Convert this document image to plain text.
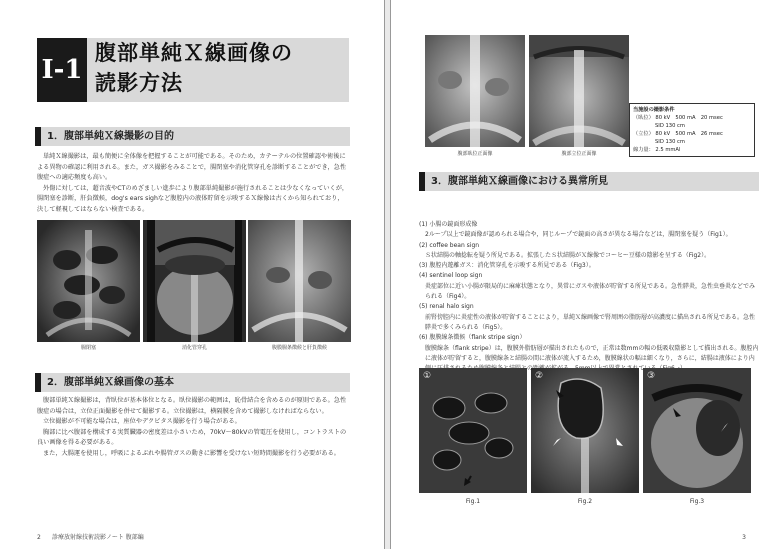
Ⅰ-1
腹部単純Ｘ線画像の
読影方法
1．腹部単純Ｘ線撮影の目的

単純Ｘ線撮影は，最も簡便に全体像を把握することが可能である。そのため，カテーテルの位置確認や術後による異物の確認に利用される。また，ガス撮影をみることで，腸閉塞や消化管穿孔を診断することができ，急性腹症への適応頻度も高い。

外傷に対しては，超音波やCTのめざましい進歩により腹部単純撮影が施行されることは少なくなっていくが，腸閉塞を診断，肝負徴候，dog's ears sighなど腹腔内の液体貯留を示唆するＸ線像は古くから知られており，決して軽視してはならない検査である。

腸閉塞	消化管穿孔	腹膜腸条徴候と肝負徴候
2．腹部単純Ｘ線画像の基本

腹部単純Ｘ線撮影は，背臥位が基本体位となる。臥位撮影の範囲は，恥骨結合を含めるのが原則である。急性腹症の場合は，立位正面撮影を併せて撮影する。立位撮影は，横隔膜を含めて撮影しなければならない。

立位撮影が不可能な場合は，座位やデクビタス撮影を行う場合がある。

胸部に比べ腹部を構成する実質臓器の密度差は小さいため，70kV〜80kVの管電圧を使用し，コントラストの良い画像を得る必要がある。

また，大腸運を使用し，呼吸によるぶれや腸管ガスの動きに影響を受けない短時間撮影を行う必要がある。

2 診療放射線技術読影ノート 腹部編
腹部臥位正面像	腹部立位正面像
当施設の撮影条件
（臥位） 80 kV　500 mA　20 msec
SID 130 cm
（立位） 80 kV　500 mA　26 msec
SID 130 cm
線力量： 2.5 mmAl
3．腹部単純Ｘ線画像における異常所見

(1) 小腸の鏡面形成像

2ループ以上で鏡面像が認められる場合や，同じループで鏡面の高さが異なる場合などは，腸閉塞を疑う（Fig1）。

(2) coffee bean sign

Ｓ状結腸の軸捻転を疑う所見である。拡張したＳ状結腸がＸ線像でコーヒー豆様の陰影を呈する（Fig2）。

(3) 腹腔内遊離ガス：消化管穿孔を示唆する所見である（Fig3）。

(4) sentinel loop sign

炎症部位に近い小腸が限局的に麻痺状態となり，異常にガスや液体が貯留する所見である。急性膵炎，急性虫垂炎などでみられる（Fig4）。

(5) renal halo sign

前腎傍腔内に炎症性の液体が貯留することにより，単純Ｘ線画像で腎周囲の脂肪層が高濃度に描出される所見である。急性膵炎で多くみられる（Fig5）。

(6) 腹膜線条徴候（flank stripe sign）

腹膜線条（flank stripe）は，腹膜外脂肪層が描出されたもので，正常は数mmの幅の低吸収陰影として描出される。腹腔内に液体が貯留すると，腹膜線条と結腸の間に液体が流入するため，腹膜線状の幅は細くなり，さらに，結腸は液体により内 め腹膜線条と結腸との距離が拡がる。5m て

①
Fig.1
②
Fig.2
③
Fig.3
3
